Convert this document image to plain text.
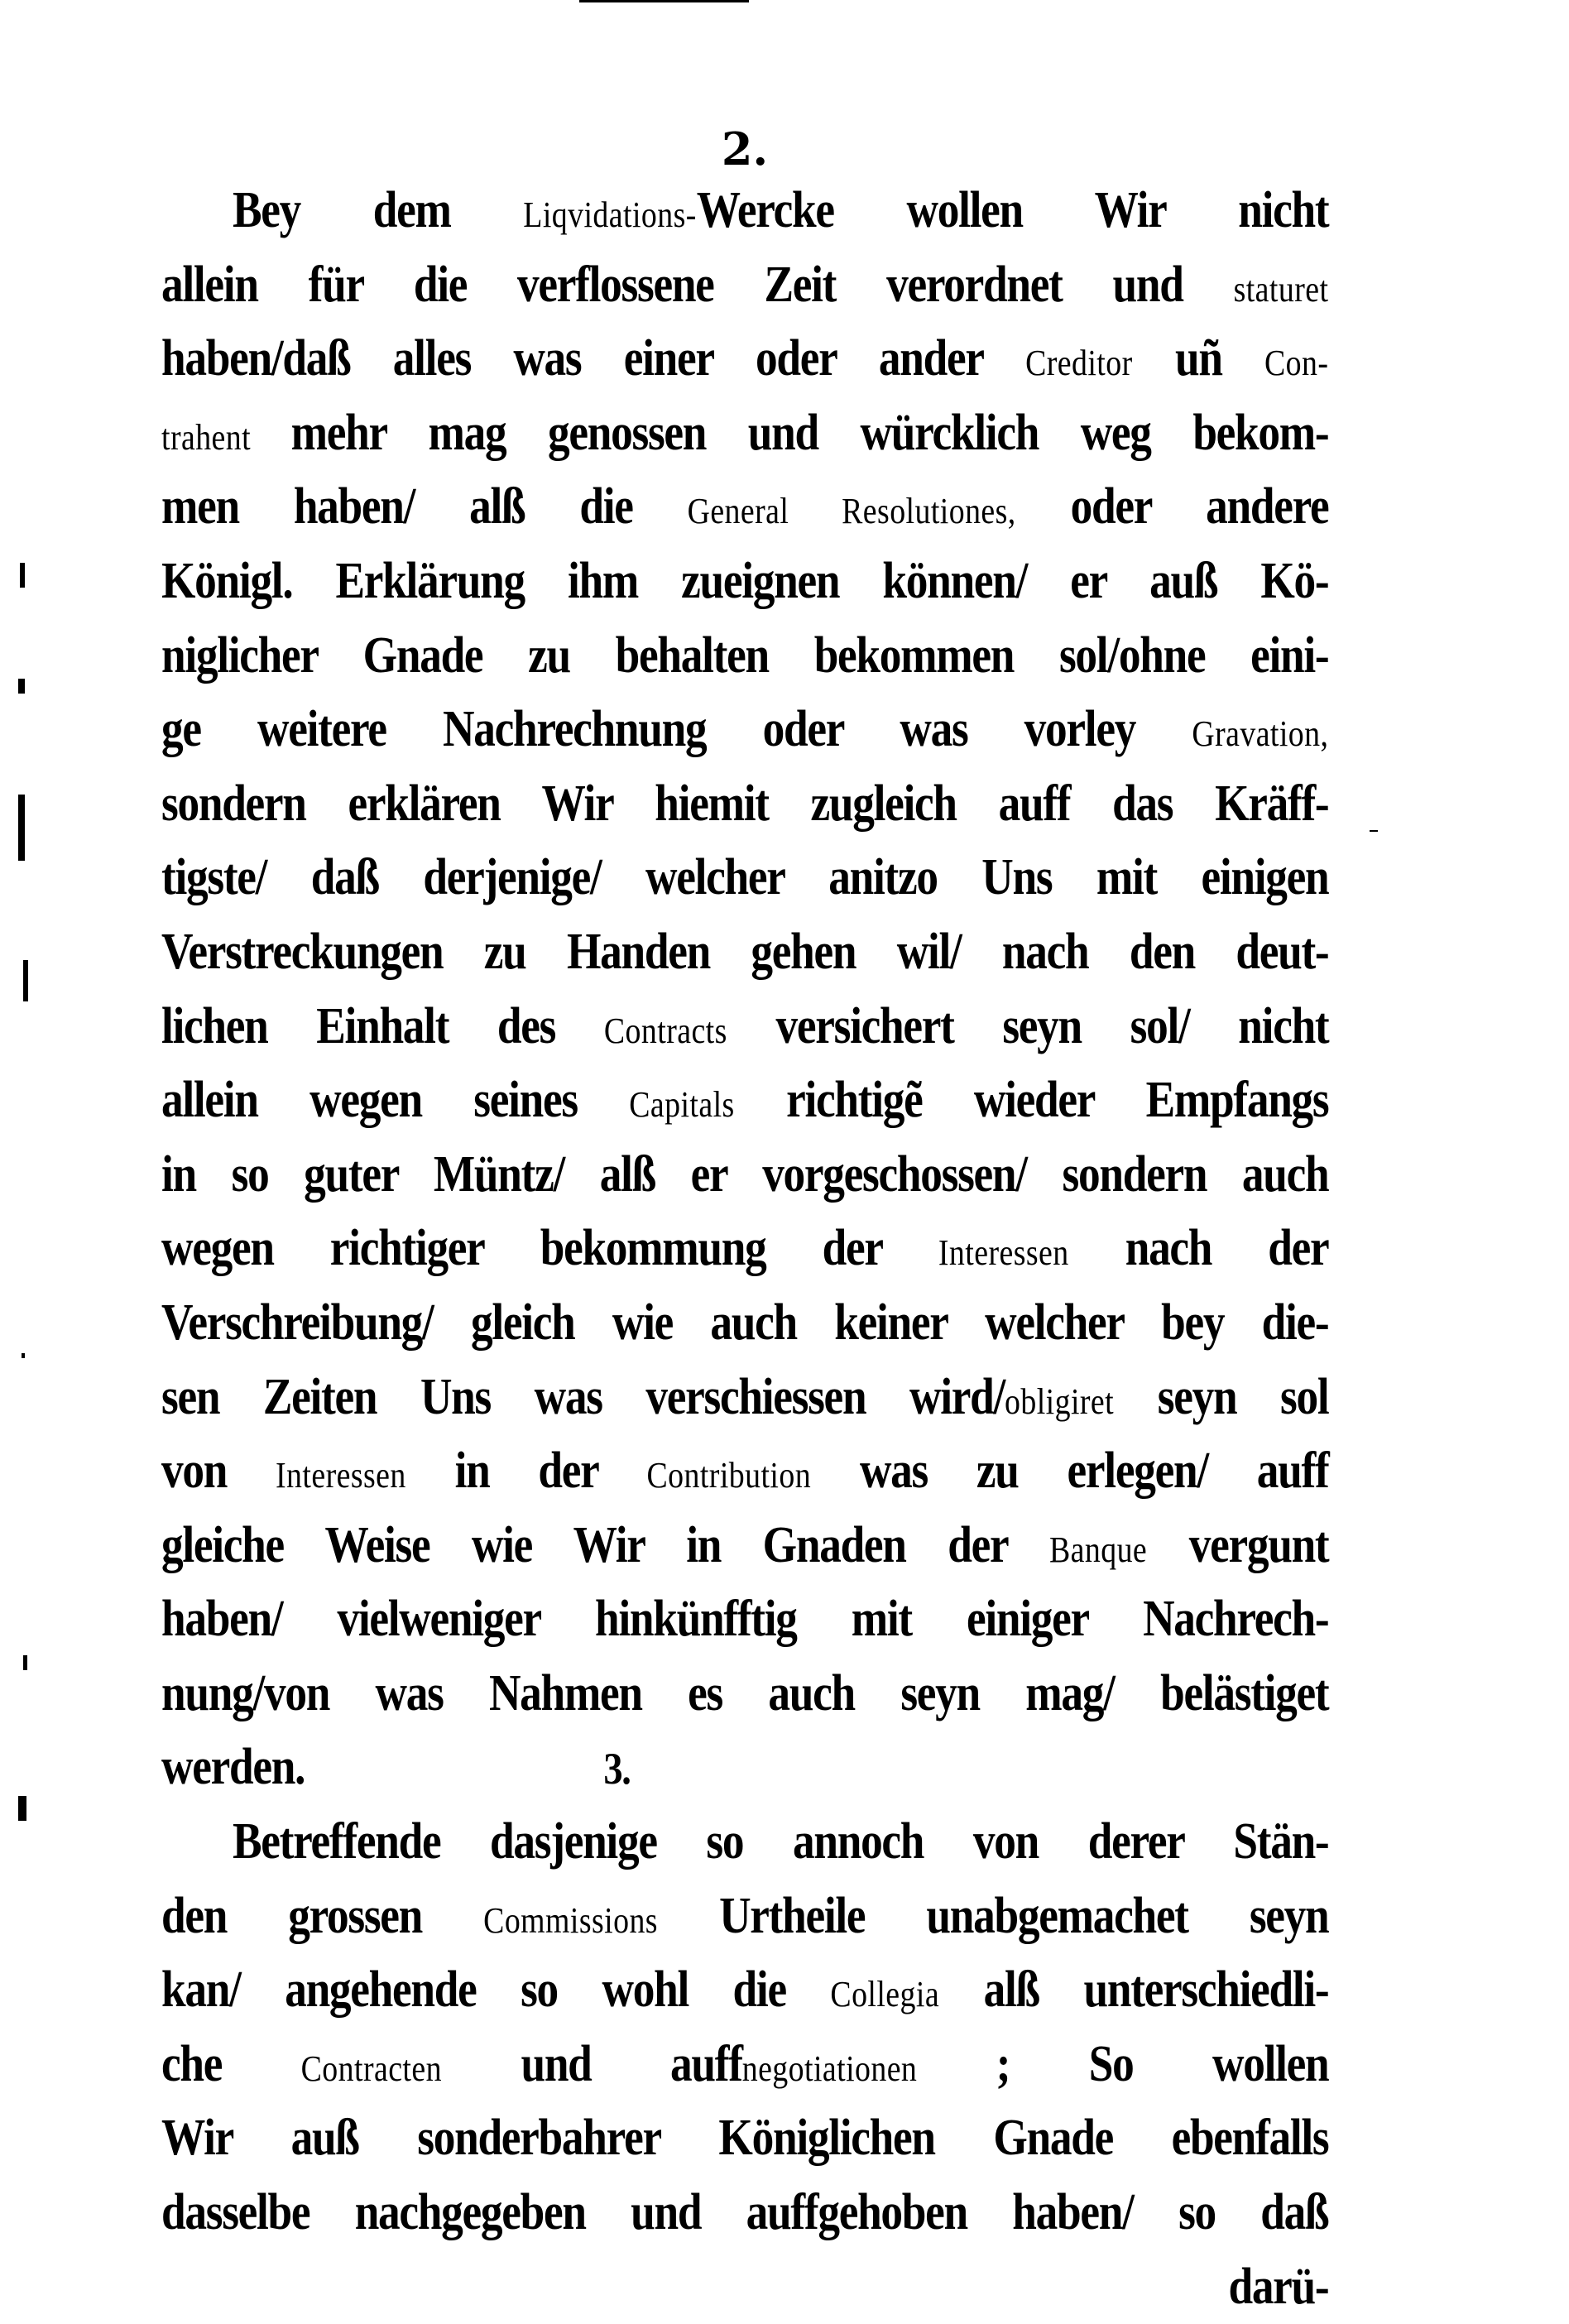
2.
Bey dem Liqvidations-Wercke wollen Wir nicht
allein für die verflossene Zeit verordnet und staturet
haben/daß alles was einer oder ander Creditor uñ Con-
trahent mehr mag genossen und würcklich weg bekom-
men haben/ alß die General Resolutiones, oder andere
Königl. Erklärung ihm zueignen können/ er auß Kö-
niglicher Gnade zu behalten bekommen sol/ohne eini-
ge weitere Nachrechnung oder was vorley Gravation,
sondern erklären Wir hiemit zugleich auff das Kräff-
tigste/ daß derjenige/ welcher anitzo Uns mit einigen
Verstreckungen zu Handen gehen wil/ nach den deut-
lichen Einhalt des Contracts versichert seyn sol/ nicht
allein wegen seines Capitals richtigẽ wieder Empfangs
in so guter Müntz/ alß er vorgeschossen/ sondern auch
wegen richtiger bekommung der Interessen nach der
Verschreibung/ gleich wie auch keiner welcher bey die-
sen Zeiten Uns was verschiessen wird/obligiret seyn sol
von Interessen in der Contribution was zu erlegen/ auff
gleiche Weise wie Wir in Gnaden der Banque vergunt
haben/ vielweniger hinkünfftig mit einiger Nachrech-
nung/von was Nahmen es auch seyn mag/ belästiget
werden.	3.
Betreffende dasjenige so annoch von derer Stän-
den grossen Commissions Urtheile unabgemachet seyn
kan/ angehende so wohl die Collegia alß unterschiedli-
che Contracten und auffnegotiationen ; So wollen
Wir auß sonderbahrer Königlichen Gnade ebenfalls
dasselbe nachgegeben und auffgehoben haben/ so daß
darü-
